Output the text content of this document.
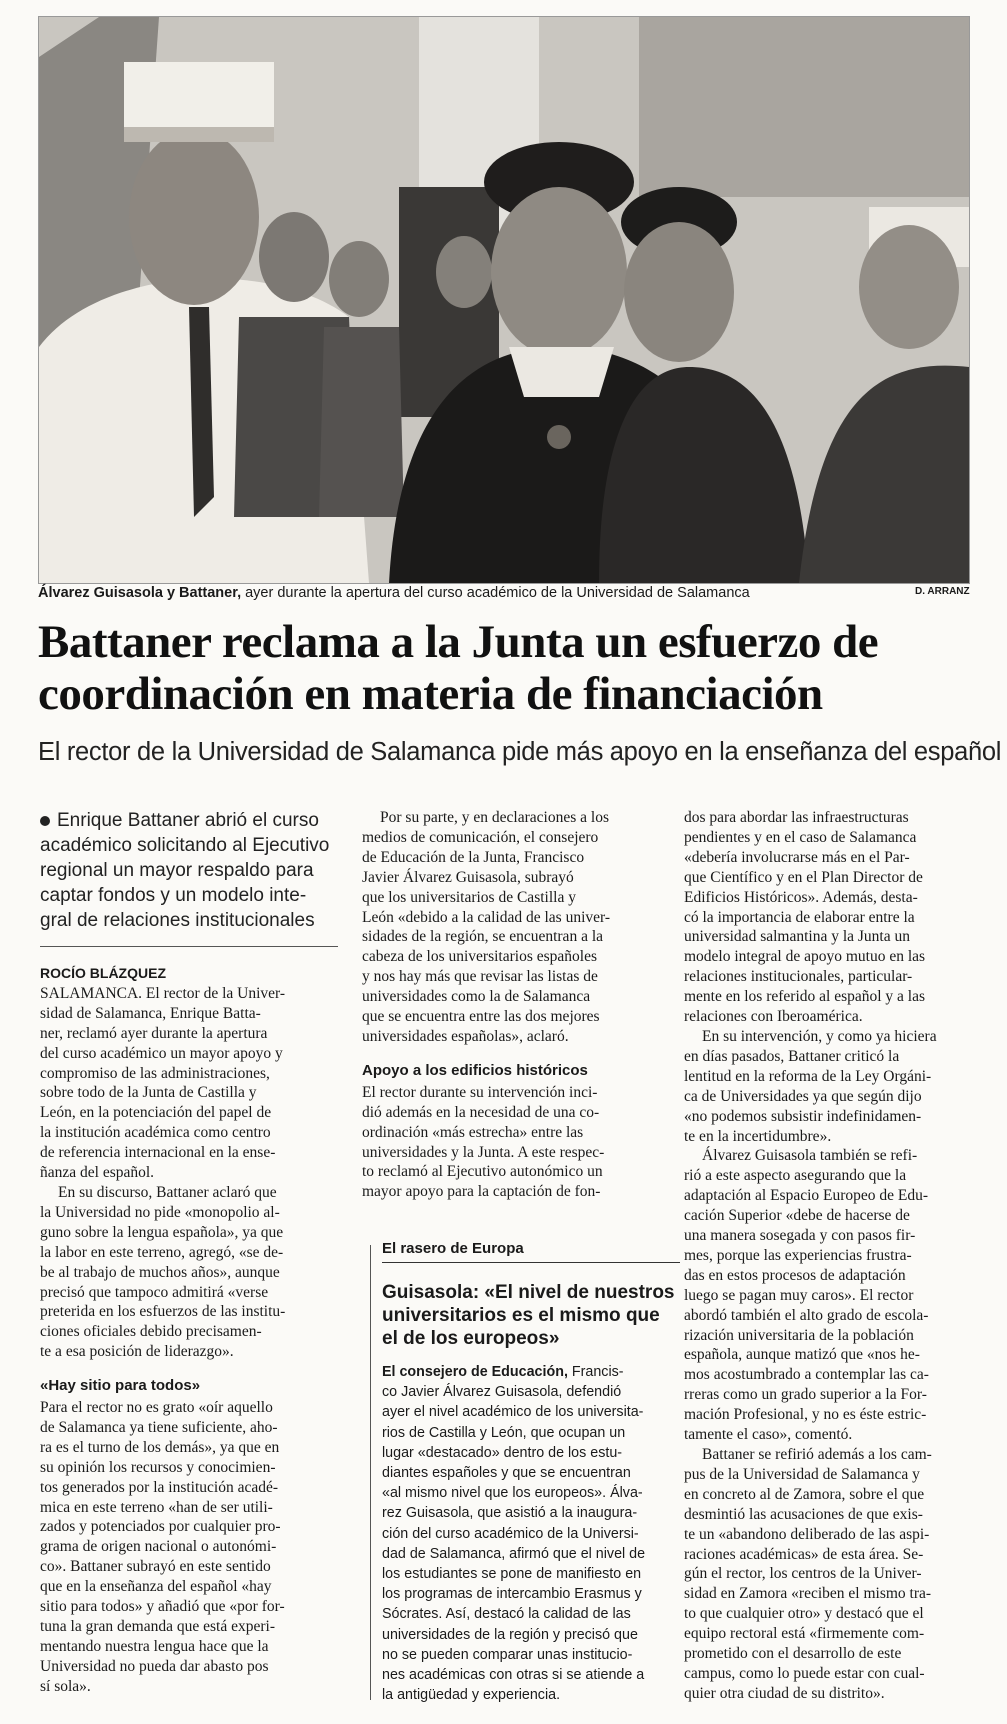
Álvarez Guisasola y Battaner, ayer durante la apertura del curso académico de la Universidad de Salamanca	D. ARRANZ
Battaner reclama a la Junta un esfuerzo de
coordinación en materia de financiación
El rector de la Universidad de Salamanca pide más apoyo en la enseñanza del español
Enrique Battaner abrió el curso
académico solicitando al Ejecutivo
regional un mayor respaldo para
captar fondos y un modelo inte-
gral de relaciones institucionales
ROCÍO BLÁZQUEZ
SALAMANCA. El rector de la Univer-
sidad de Salamanca, Enrique Batta-
ner, reclamó ayer durante la apertura
del curso académico un mayor apoyo y
compromiso de las administraciones,
sobre todo de la Junta de Castilla y
León, en la potenciación del papel de
la institución académica como centro
de referencia internacional en la ense-
ñanza del español.
En su discurso, Battaner aclaró que
la Universidad no pide «monopolio al-
guno sobre la lengua española», ya que
la labor en este terreno, agregó, «se de-
be al trabajo de muchos años», aunque
precisó que tampoco admitirá «verse
preterida en los esfuerzos de las institu-
ciones oficiales debido precisamen-
te a esa posición de liderazgo».
«Hay sitio para todos»
Para el rector no es grato «oír aquello
de Salamanca ya tiene suficiente, aho-
ra es el turno de los demás», ya que en
su opinión los recursos y conocimien-
tos generados por la institución acadé-
mica en este terreno «han de ser utili-
zados y potenciados por cualquier pro-
grama de origen nacional o autonómi-
co». Battaner subrayó en este sentido
que en la enseñanza del español «hay
sitio para todos» y añadió que «por for-
tuna la gran demanda que está experi-
mentando nuestra lengua hace que la
Universidad no pueda dar abasto pos
sí sola».
Por su parte, y en declaraciones a los
medios de comunicación, el consejero
de Educación de la Junta, Francisco
Javier Álvarez Guisasola, subrayó
que los universitarios de Castilla y
León «debido a la calidad de las univer-
sidades de la región, se encuentran a la
cabeza de los universitarios españoles
y nos hay más que revisar las listas de
universidades como la de Salamanca
que se encuentra entre las dos mejores
universidades españolas», aclaró.
Apoyo a los edificios históricos
El rector durante su intervención inci-
dió además en la necesidad de una co-
ordinación «más estrecha» entre las
universidades y la Junta. A este respec-
to reclamó al Ejecutivo autonómico un
mayor apoyo para la captación de fon-
El rasero de Europa
Guisasola: «El nivel de nuestros
universitarios es el mismo que
el de los europeos»
El consejero de Educación, Francis-
co Javier Álvarez Guisasola, defendió
ayer el nivel académico de los universita-
rios de Castilla y León, que ocupan un
lugar «destacado» dentro de los estu-
diantes españoles y que se encuentran
«al mismo nivel que los europeos». Álva-
rez Guisasola, que asistió a la inaugura-
ción del curso académico de la Universi-
dad de Salamanca, afirmó que el nivel de
los estudiantes se pone de manifiesto en
los programas de intercambio Erasmus y
Sócrates. Así, destacó la calidad de las
universidades de la región y precisó que
no se pueden comparar unas institucio-
nes académicas con otras si se atiende a
la antigüedad y experiencia.
dos para abordar las infraestructuras
pendientes y en el caso de Salamanca
«debería involucrarse más en el Par-
que Científico y en el Plan Director de
Edificios Históricos». Además, desta-
có la importancia de elaborar entre la
universidad salmantina y la Junta un
modelo integral de apoyo mutuo en las
relaciones institucionales, particular-
mente en los referido al español y a las
relaciones con Iberoamérica.
En su intervención, y como ya hiciera
en días pasados, Battaner criticó la
lentitud en la reforma de la Ley Orgáni-
ca de Universidades ya que según dijo
«no podemos subsistir indefinidamen-
te en la incertidumbre».
Álvarez Guisasola también se refi-
rió a este aspecto asegurando que la
adaptación al Espacio Europeo de Edu-
cación Superior «debe de hacerse de
una manera sosegada y con pasos fir-
mes, porque las experiencias frustra-
das en estos procesos de adaptación
luego se pagan muy caros». El rector
abordó también el alto grado de escola-
rización universitaria de la población
española, aunque matizó que «nos he-
mos acostumbrado a contemplar las ca-
rreras como un grado superior a la For-
mación Profesional, y no es éste estric-
tamente el caso», comentó.
Battaner se refirió además a los cam-
pus de la Universidad de Salamanca y
en concreto al de Zamora, sobre el que
desmintió las acusaciones de que exis-
te un «abandono deliberado de las aspi-
raciones académicas» de esta área. Se-
gún el rector, los centros de la Univer-
sidad en Zamora «reciben el mismo tra-
to que cualquier otro» y destacó que el
equipo rectoral está «firmemente com-
prometido con el desarrollo de este
campus, como lo puede estar con cual-
quier otra ciudad de su distrito».
